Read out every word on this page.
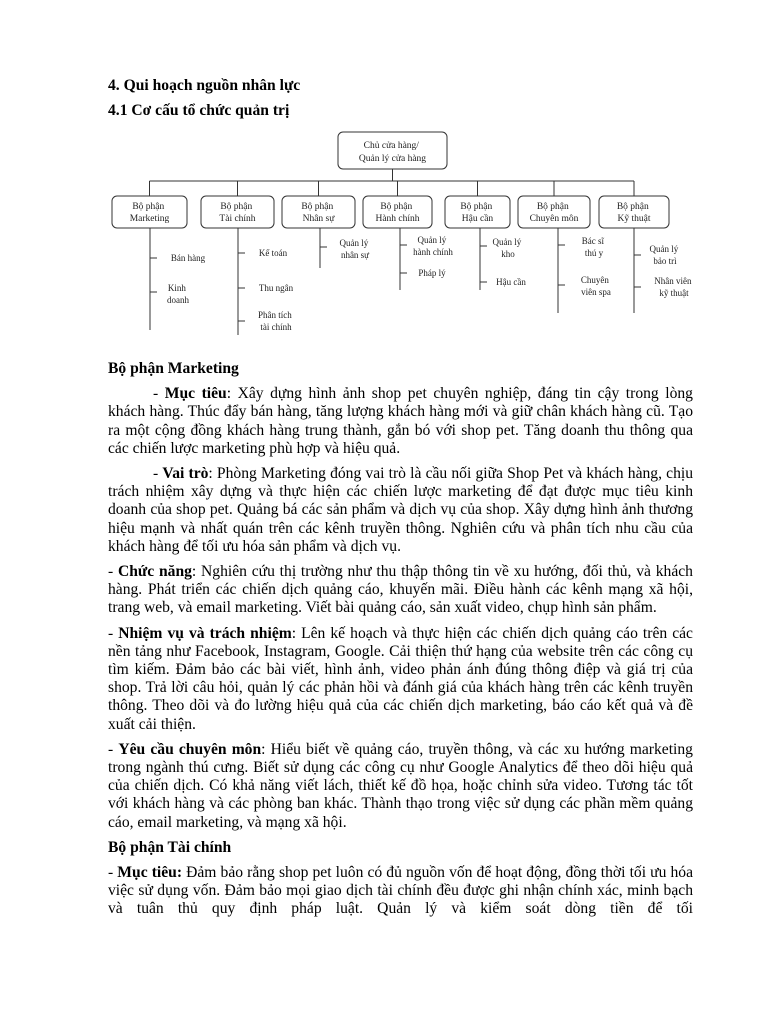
Chủ cửa hàng/ Quản lý cửa hàng
Bộ phận Marketing
Bán hàng
Kinh doanh
Bộ phận Tài chính
Kế toán
Thu ngân
Phân tích tài chính
Bộ phận Nhân sự
Quản lý nhân sự
Bộ phận Hành chính
Quản lý hành chính
Pháp lý
Bộ phận Hậu cần
Quản lý kho
Hậu cần
Bộ phận Chuyên môn
Bác sĩ thú y
Chuyên viên spa
Bộ phận Kỹ thuật
Quản lý bảo trì
Nhân viên kỹ thuật
4. Qui hoạch nguồn nhân lực
4.1 Cơ cấu tổ chức quản trị

Bộ phận Marketing

- Mục tiêu: Xây dựng hình ảnh shop pet chuyên nghiệp, đáng tin cậy trong lòng khách hàng. Thúc đẩy bán hàng, tăng lượng khách hàng mới và giữ chân khách hàng cũ. Tạo ra một cộng đồng khách hàng trung thành, gắn bó với shop pet. Tăng doanh thu thông qua các chiến lược marketing phù hợp và hiệu quả.

- Vai trò: Phòng Marketing đóng vai trò là cầu nối giữa Shop Pet và khách hàng, chịu trách nhiệm xây dựng và thực hiện các chiến lược marketing để đạt được mục tiêu kinh doanh của shop pet. Quảng bá các sản phẩm và dịch vụ của shop. Xây dựng hình ảnh thương hiệu mạnh và nhất quán trên các kênh truyền thông. Nghiên cứu và phân tích nhu cầu của khách hàng để tối ưu hóa sản phẩm và dịch vụ.

- Chức năng: Nghiên cứu thị trường như thu thập thông tin về xu hướng, đối thủ, và khách hàng. Phát triển các chiến dịch quảng cáo, khuyến mãi. Điều hành các kênh mạng xã hội, trang web, và email marketing. Viết bài quảng cáo, sản xuất video, chụp hình sản phẩm.

- Nhiệm vụ và trách nhiệm: Lên kế hoạch và thực hiện các chiến dịch quảng cáo trên các nền tảng như Facebook, Instagram, Google. Cải thiện thứ hạng của website trên các công cụ tìm kiếm. Đảm bảo các bài viết, hình ảnh, video phản ánh đúng thông điệp và giá trị của shop. Trả lời câu hỏi, quản lý các phản hồi và đánh giá của khách hàng trên các kênh truyền thông. Theo dõi và đo lường hiệu quả của các chiến dịch marketing, báo cáo kết quả và đề xuất cải thiện.

- Yêu cầu chuyên môn: Hiểu biết về quảng cáo, truyền thông, và các xu hướng marketing trong ngành thú cưng. Biết sử dụng các công cụ như Google Analytics để theo dõi hiệu quả của chiến dịch. Có khả năng viết lách, thiết kế đồ họa, hoặc chỉnh sửa video. Tương tác tốt với khách hàng và các phòng ban khác. Thành thạo trong việc sử dụng các phần mềm quảng cáo, email marketing, và mạng xã hội.

Bộ phận Tài chính

- Mục tiêu: Đảm bảo rằng shop pet luôn có đủ nguồn vốn để hoạt động, đồng thời tối ưu hóa việc sử dụng vốn. Đảm bảo mọi giao dịch tài chính đều được ghi nhận chính xác, minh bạch và tuân thủ quy định pháp luật. Quản lý và kiểm soát dòng tiền để tối
